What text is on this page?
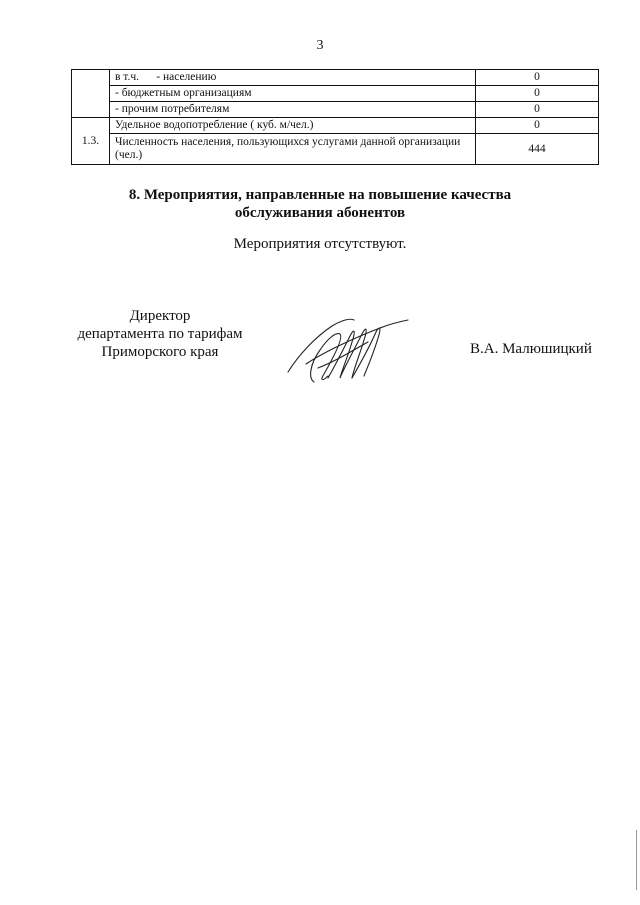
3
	в т.ч. - населению	0
	- бюджетным организациям	0
	- прочим потребителям	0
1.3.	Удельное водопотребление ( куб. м/чел.)	0
	Численность населения, пользующихся услугами данной организации (чел.)	444
8. Мероприятия, направленные на повышение качества
обслуживания абонентов
Мероприятия отсутствуют.
Директор
департамента по тарифам
Приморского края	В.А. Малюшицкий
